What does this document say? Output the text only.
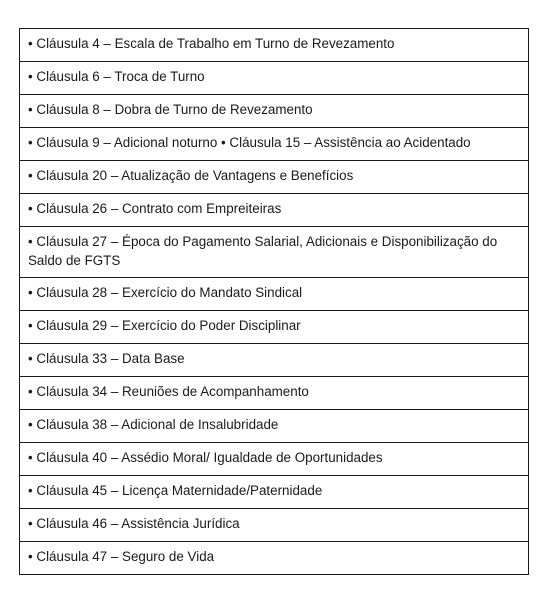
• Cláusula 4 – Escala de Trabalho em Turno de Revezamento
• Cláusula 6 – Troca de Turno
• Cláusula 8 – Dobra de Turno de Revezamento
• Cláusula 9 – Adicional noturno • Cláusula 15 – Assistência ao Acidentado
• Cláusula 20 – Atualização de Vantagens e Benefícios
• Cláusula 26 – Contrato com Empreiteiras
• Cláusula 27 – Época do Pagamento Salarial, Adicionais e Disponibilização do Saldo de FGTS
• Cláusula 28 – Exercício do Mandato Sindical
• Cláusula 29 – Exercício do Poder Disciplinar
• Cláusula 33 – Data Base
• Cláusula 34 – Reuniões de Acompanhamento
• Cláusula 38 – Adicional de Insalubridade
• Cláusula 40 – Assédio Moral/ Igualdade de Oportunidades
• Cláusula 45 – Licença Maternidade/Paternidade
• Cláusula 46 – Assistência Jurídica
• Cláusula 47 – Seguro de Vida
